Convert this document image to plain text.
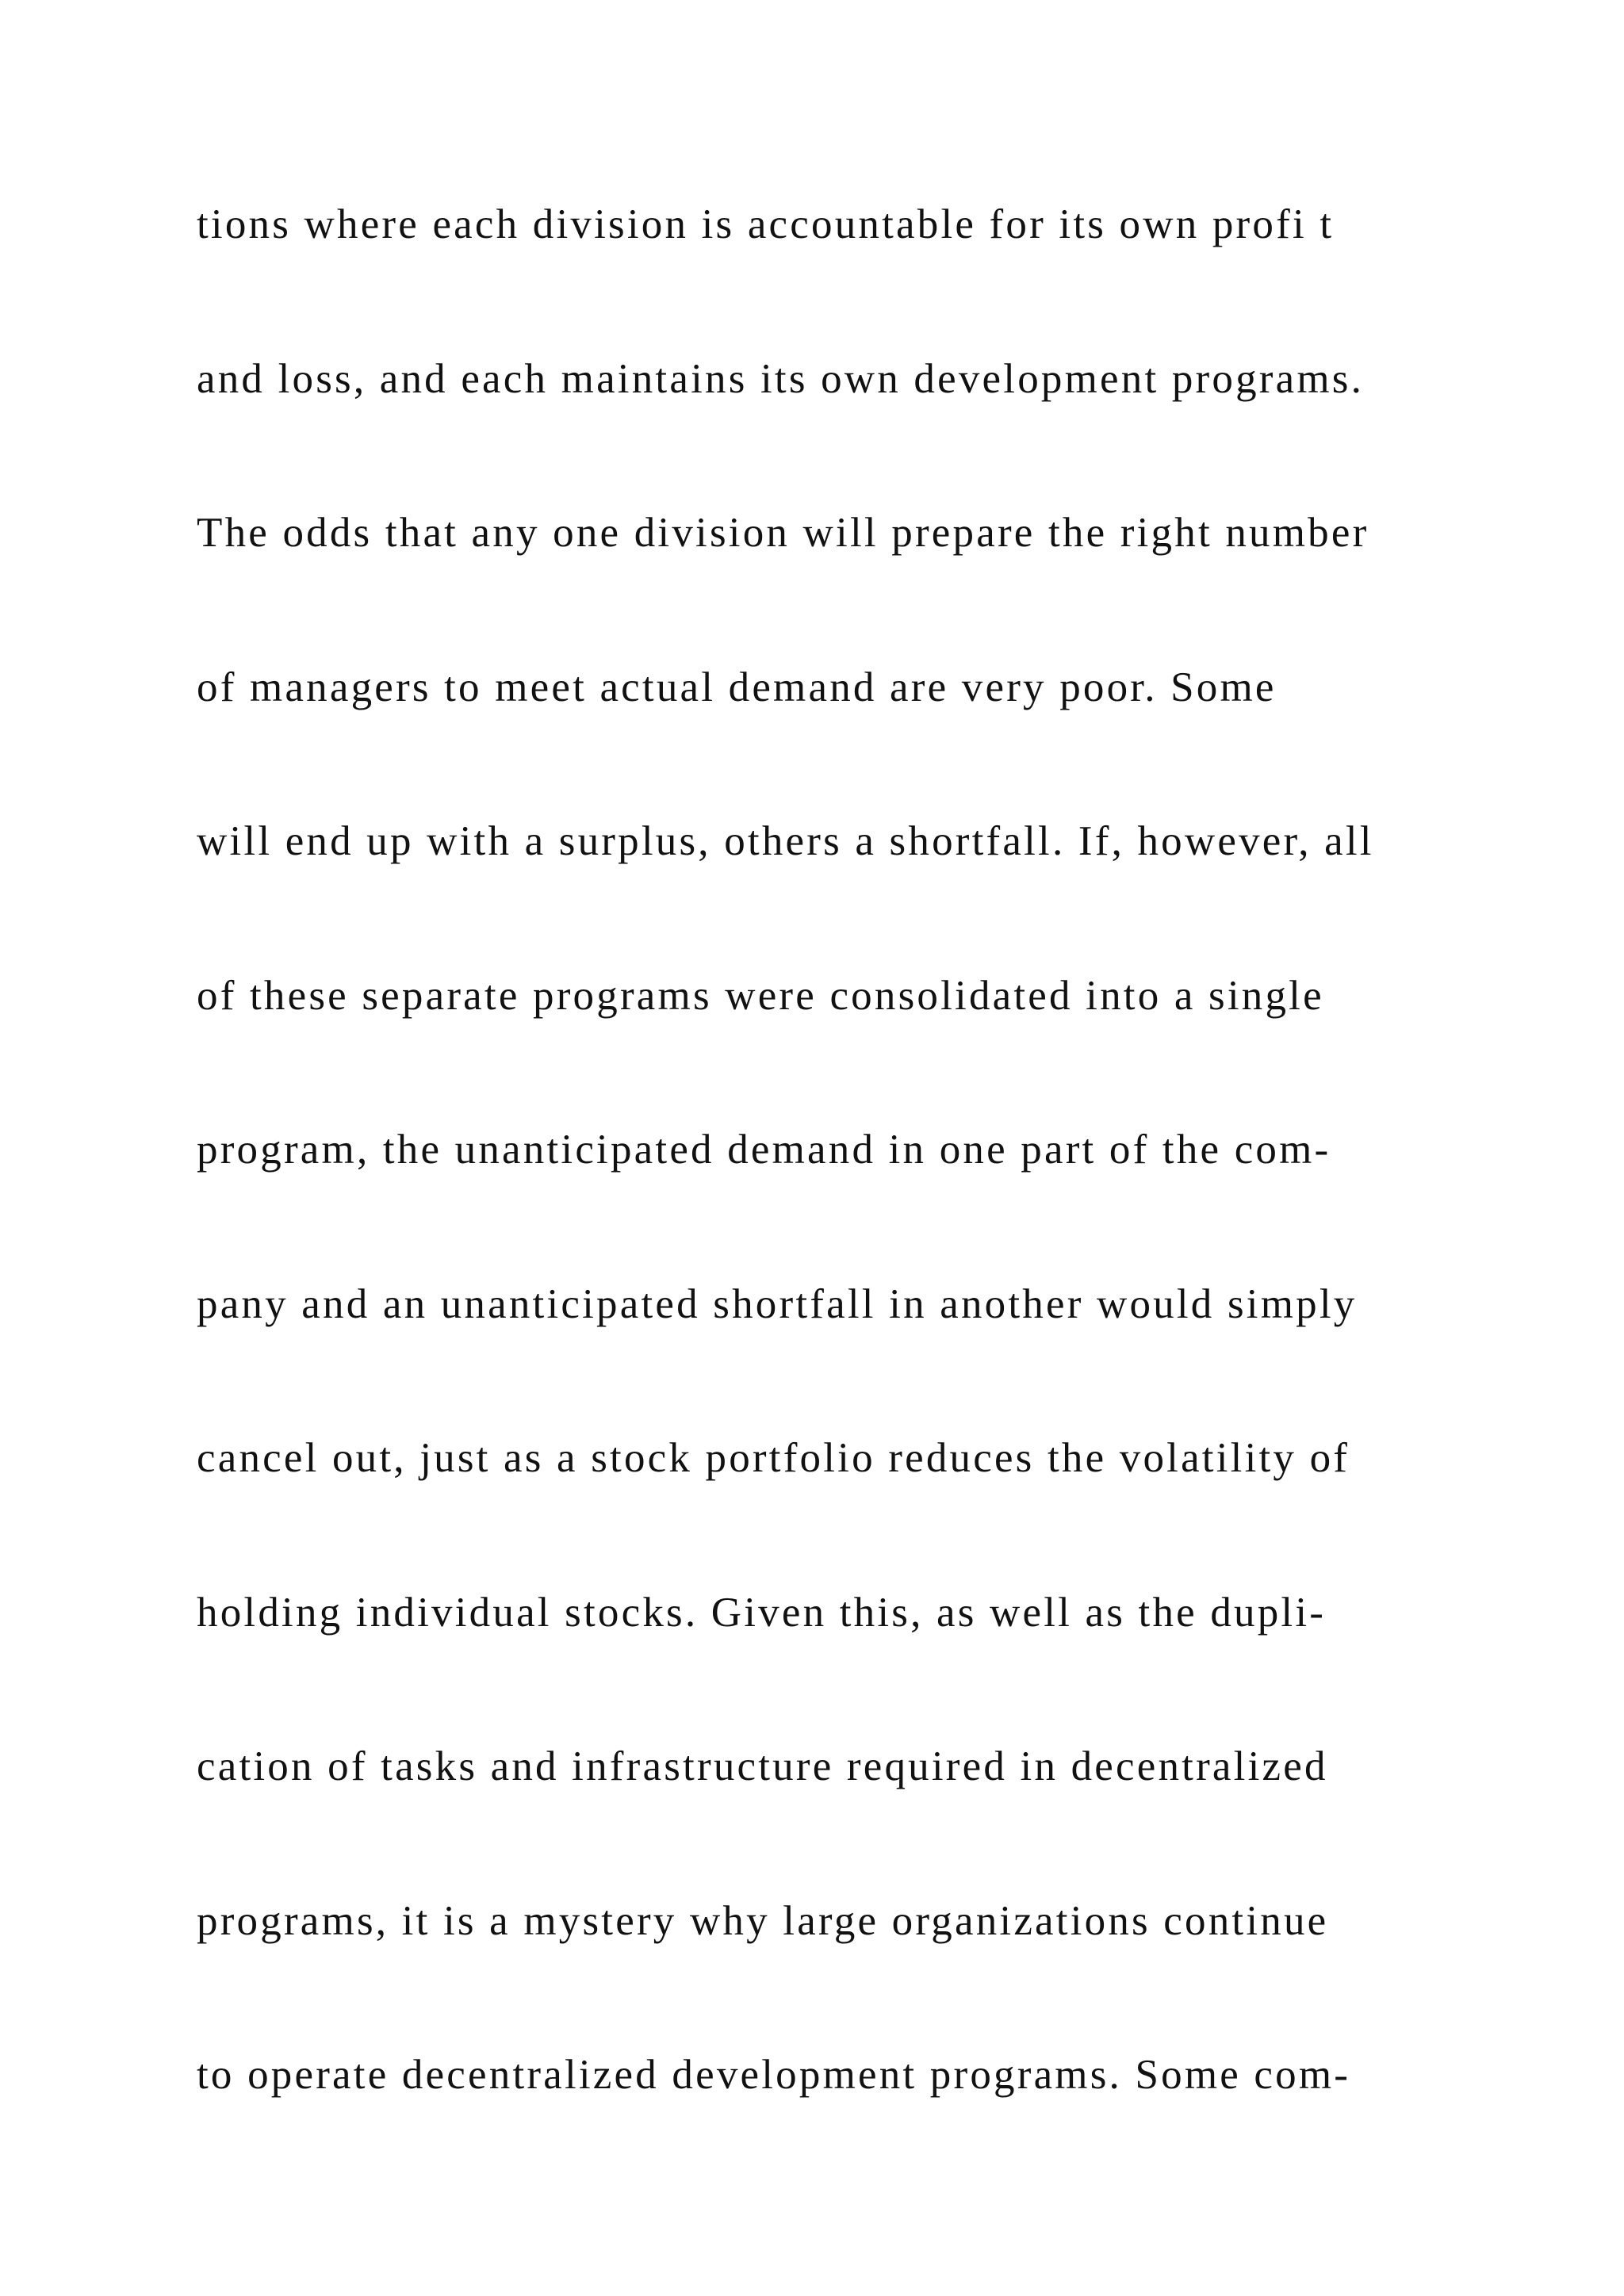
tions where each division is accountable for its own profi t
and loss, and each maintains its own development programs.
The odds that any one division will prepare the right number
of managers to meet actual demand are very poor. Some
will end up with a surplus, others a shortfall. If, however, all
of these separate programs were consolidated into a single
program, the unanticipated demand in one part of the com-
pany and an unanticipated shortfall in another would simply
cancel out, just as a stock portfolio reduces the volatility of
holding individual stocks. Given this, as well as the dupli-
cation of tasks and infrastructure required in decentralized
programs, it is a mystery why large organizations continue
to operate decentralized development programs. Some com-
